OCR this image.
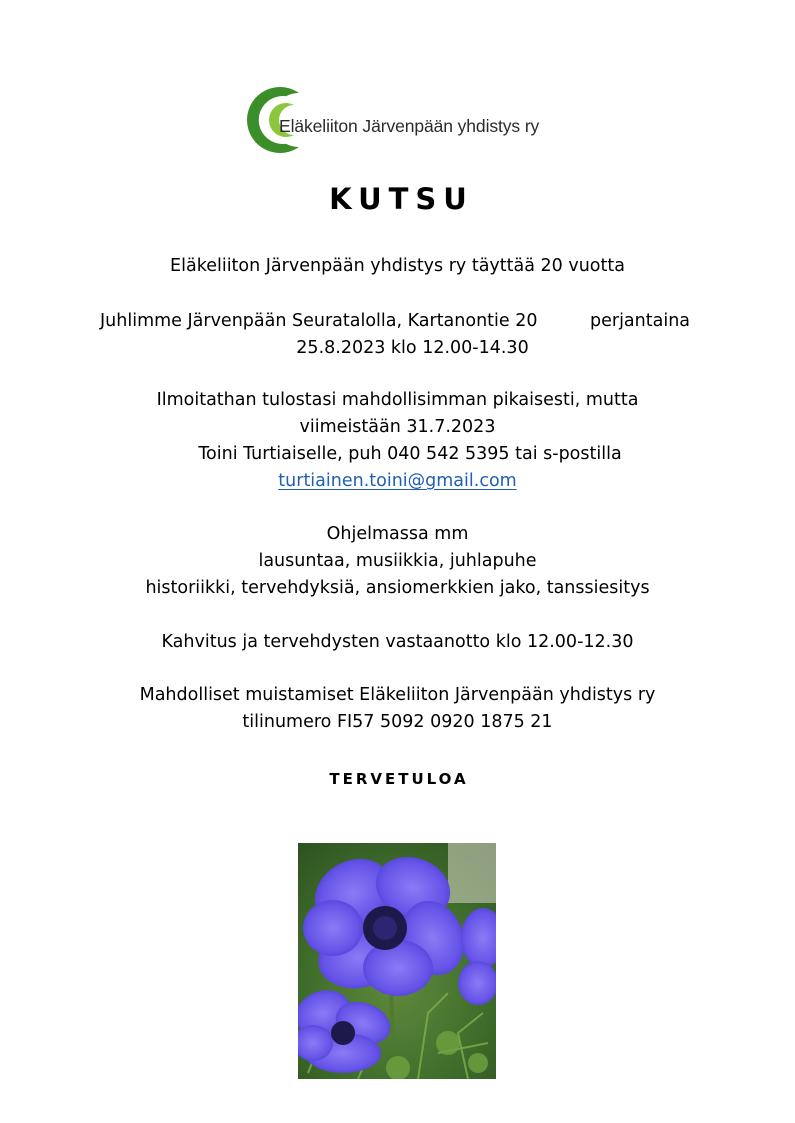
Eläkeliiton Järvenpään yhdistys ry
KUTSU
Eläkeliiton Järvenpään yhdistys ry täyttää 20 vuotta
Juhlimme Järvenpään Seuratalolla, Kartanontie 20	perjantaina
25.8.2023 klo 12.00-14.30
Ilmoitathan tulostasi mahdollisimman pikaisesti, mutta
viimeistään 31.7.2023
Toini Turtiaiselle, puh 040 542 5395 tai s-postilla
turtiainen.toini@gmail.com
Ohjelmassa mm
lausuntaa, musiikkia, juhlapuhe
historiikki, tervehdyksiä, ansiomerkkien jako, tanssiesitys
Kahvitus ja tervehdysten vastaanotto klo 12.00-12.30
Mahdolliset muistamiset Eläkeliiton Järvenpään yhdistys ry
tilinumero FI57 5092 0920 1875 21
TERVETULOA
